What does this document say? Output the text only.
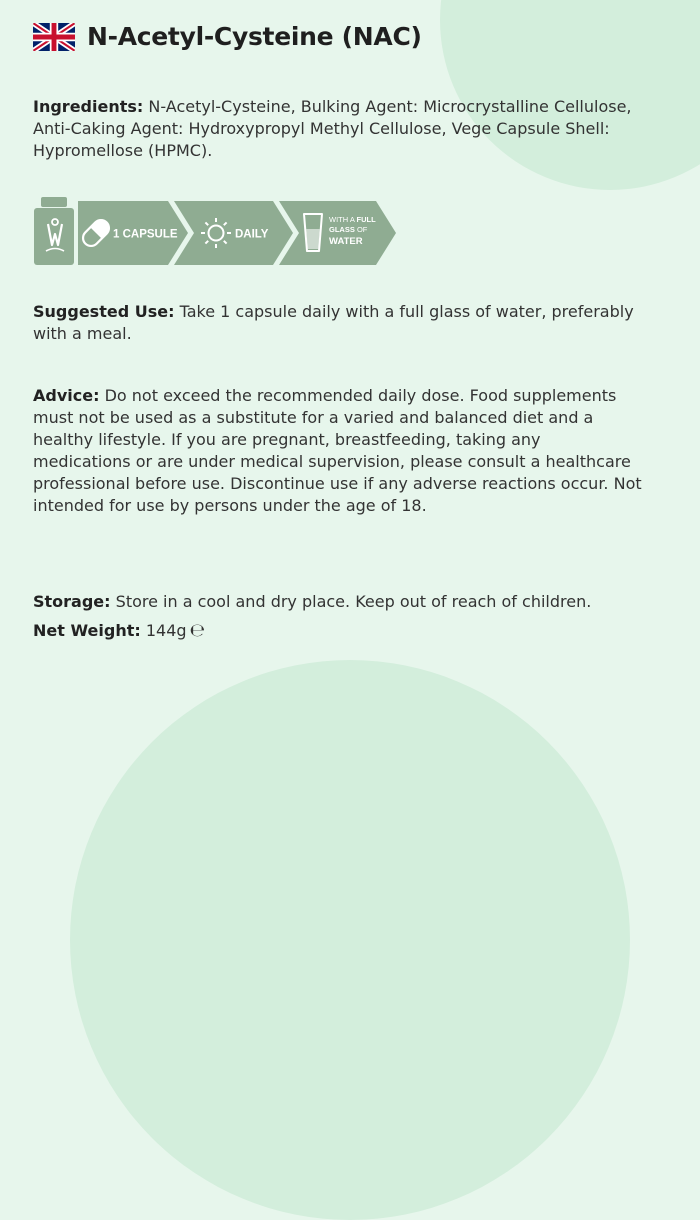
N-Acetyl-Cysteine (NAC)
Ingredients: N-Acetyl-Cysteine, Bulking Agent: Microcrystalline Cellulose, Anti-Caking Agent: Hydroxypropyl Methyl Cellulose, Vege Capsule Shell: Hypromellose (HPMC).
1 CAPSULE	DAILY
WITH A FULL
GLASS OF
WATER
Suggested Use: Take 1 capsule daily with a full glass of water, preferably with a meal.
Advice: Do not exceed the recommended daily dose. Food supplements must not be used as a substitute for a varied and balanced diet and a healthy lifestyle. If you are pregnant, breastfeeding, taking any medications or are under medical supervision, please consult a healthcare professional before use. Discontinue use if any adverse reactions occur. Not intended for use by persons under the age of 18.
Storage: Store in a cool and dry place. Keep out of reach of children.
Net Weight: 144g ℮
